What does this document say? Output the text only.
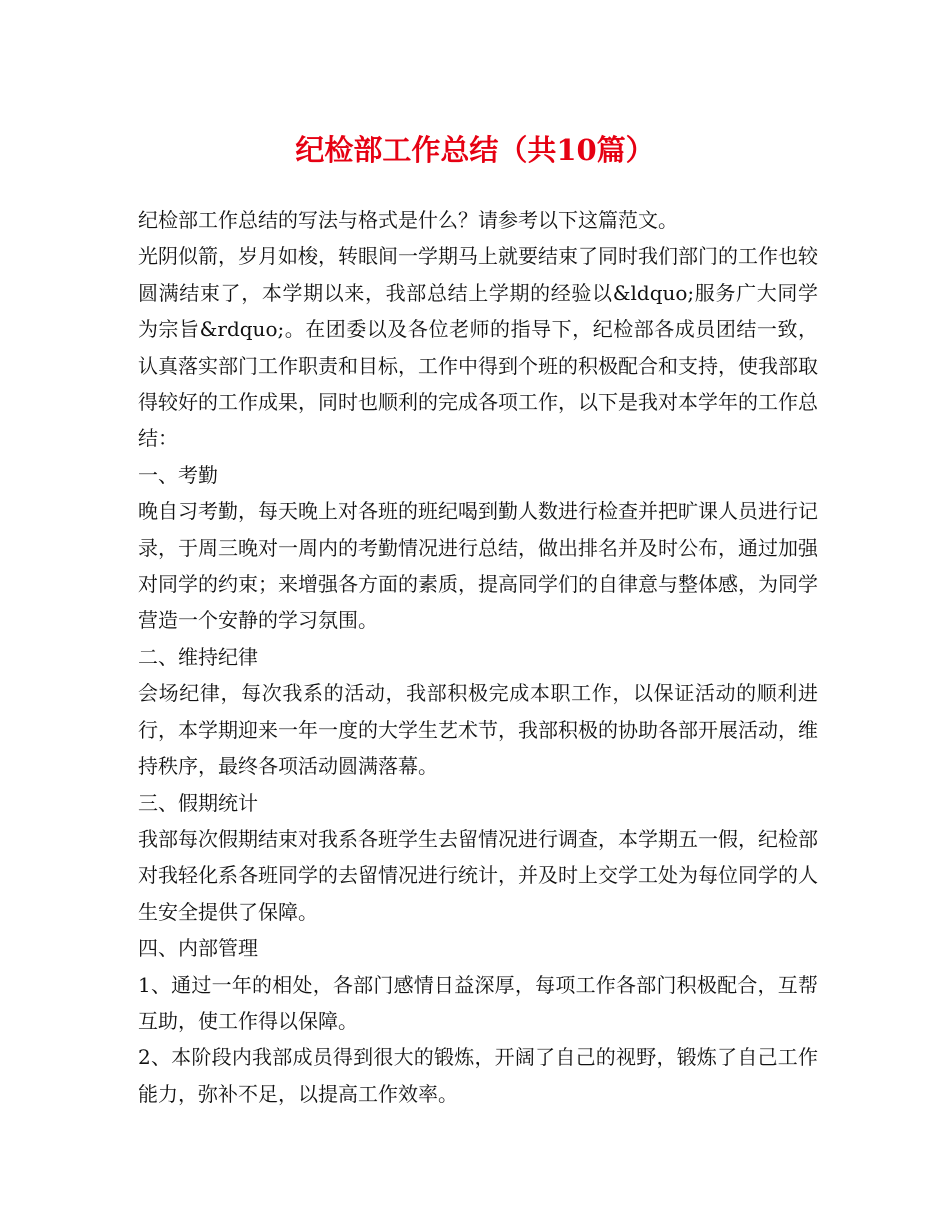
纪检部工作总结（共10篇）

纪检部工作总结的写法与格式是什么？请参考以下这篇范文。

光阴似箭，岁月如梭，转眼间一学期马上就要结束了同时我们部门的工作也较圆满结束了，本学期以来，我部总结上学期的经验以&ldquo;服务广大同学为宗旨&rdquo;。在团委以及各位老师的指导下，纪检部各成员团结一致，认真落实部门工作职责和目标，工作中得到个班的积极配合和支持，使我部取得较好的工作成果，同时也顺利的完成各项工作，以下是我对本学年的工作总结：

一、考勤

晚自习考勤，每天晚上对各班的班纪喝到勤人数进行检查并把旷课人员进行记录，于周三晚对一周内的考勤情况进行总结，做出排名并及时公布，通过加强对同学的约束；来增强各方面的素质，提高同学们的自律意与整体感，为同学营造一个安静的学习氛围。

二、维持纪律

会场纪律，每次我系的活动，我部积极完成本职工作，以保证活动的顺利进行，本学期迎来一年一度的大学生艺术节，我部积极的协助各部开展活动，维持秩序，最终各项活动圆满落幕。

三、假期统计

我部每次假期结束对我系各班学生去留情况进行调查，本学期五一假，纪检部对我轻化系各班同学的去留情况进行统计，并及时上交学工处为每位同学的人生安全提供了保障。

四、内部管理

1、通过一年的相处，各部门感情日益深厚，每项工作各部门积极配合，互帮互助，使工作得以保障。

2、本阶段内我部成员得到很大的锻炼，开阔了自己的视野，锻炼了自己工作能力，弥补不足，以提高工作效率。
